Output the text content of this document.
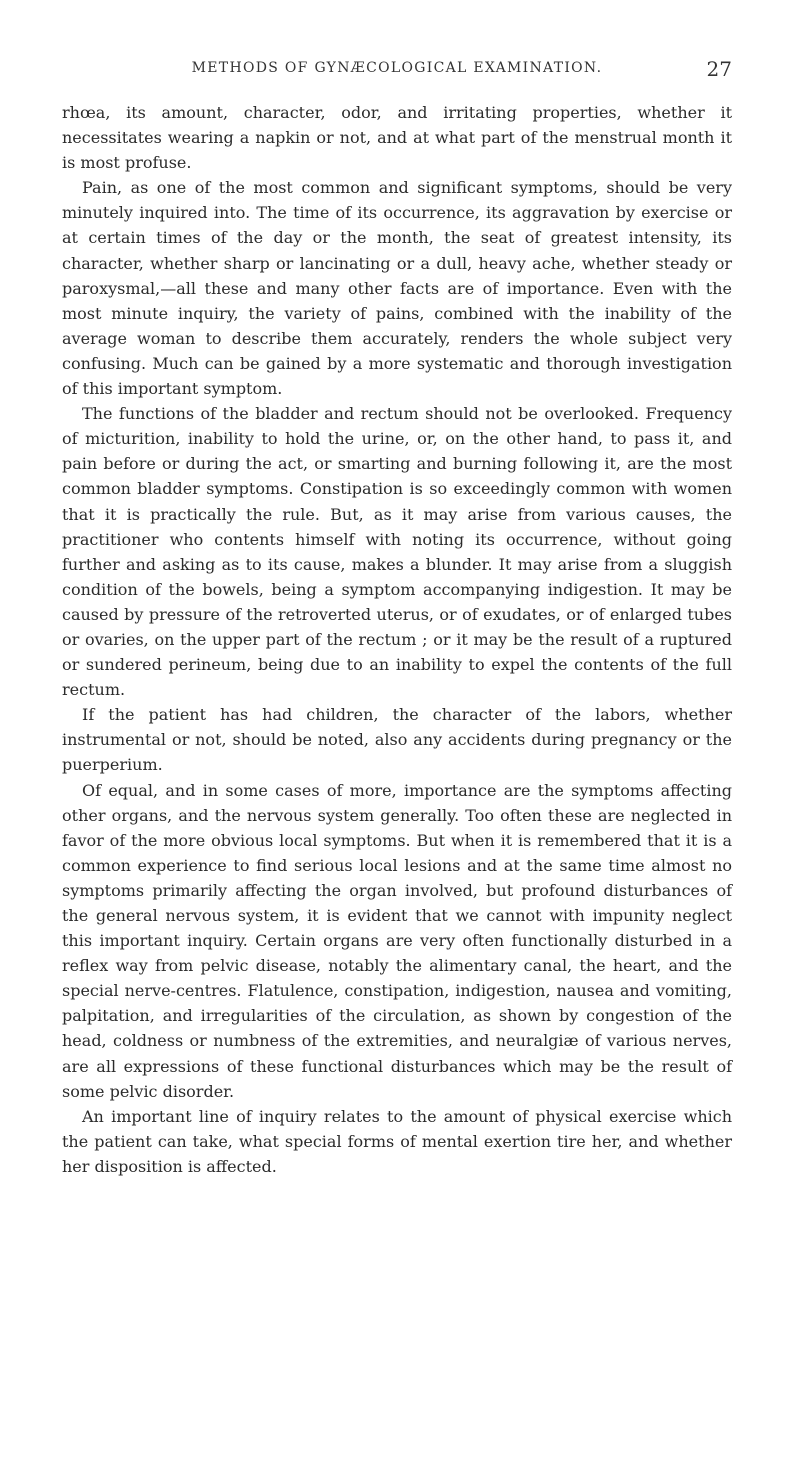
METHODS OF GYNÆCOLOGICAL EXAMINATION.	27

rhœa, its amount, character, odor, and irritating properties, whether it necessitates wearing a napkin or not, and at what part of the menstrual month it is most profuse.

Pain, as one of the most common and significant symptoms, should be very minutely inquired into. The time of its occurrence, its aggravation by exercise or at certain times of the day or the month, the seat of greatest intensity, its character, whether sharp or lancinating or a dull, heavy ache, whether steady or paroxysmal,—all these and many other facts are of importance. Even with the most minute inquiry, the variety of pains, combined with the inability of the average woman to describe them accurately, renders the whole subject very confusing. Much can be gained by a more systematic and thorough investigation of this important symptom.

The functions of the bladder and rectum should not be overlooked. Frequency of micturition, inability to hold the urine, or, on the other hand, to pass it, and pain before or during the act, or smarting and burning following it, are the most common bladder symptoms. Constipation is so exceedingly common with women that it is practically the rule. But, as it may arise from various causes, the practitioner who contents himself with noting its occurrence, without going further and asking as to its cause, makes a blunder. It may arise from a sluggish condition of the bowels, being a symptom accompanying indigestion. It may be caused by pressure of the retroverted uterus, or of exudates, or of enlarged tubes or ovaries, on the upper part of the rectum ; or it may be the result of a ruptured or sundered perineum, being due to an inability to expel the contents of the full rectum.

If the patient has had children, the character of the labors, whether instrumental or not, should be noted, also any accidents during pregnancy or the puerperium.

Of equal, and in some cases of more, importance are the symptoms affecting other organs, and the nervous system generally. Too often these are neglected in favor of the more obvious local symptoms. But when it is remembered that it is a common experience to find serious local lesions and at the same time almost no symptoms primarily affecting the organ involved, but profound disturbances of the general nervous system, it is evident that we cannot with impunity neglect this important inquiry. Certain organs are very often functionally disturbed in a reflex way from pelvic disease, notably the alimentary canal, the heart, and the special nerve-centres. Flatulence, constipation, indigestion, nausea and vomiting, palpitation, and irregularities of the circulation, as shown by congestion of the head, coldness or numbness of the extremities, and neuralgiæ of various nerves, are all expressions of these functional disturbances which may be the result of some pelvic disorder.

An important line of inquiry relates to the amount of physical exercise which the patient can take, what special forms of mental exertion tire her, and whether her disposition is affected.
